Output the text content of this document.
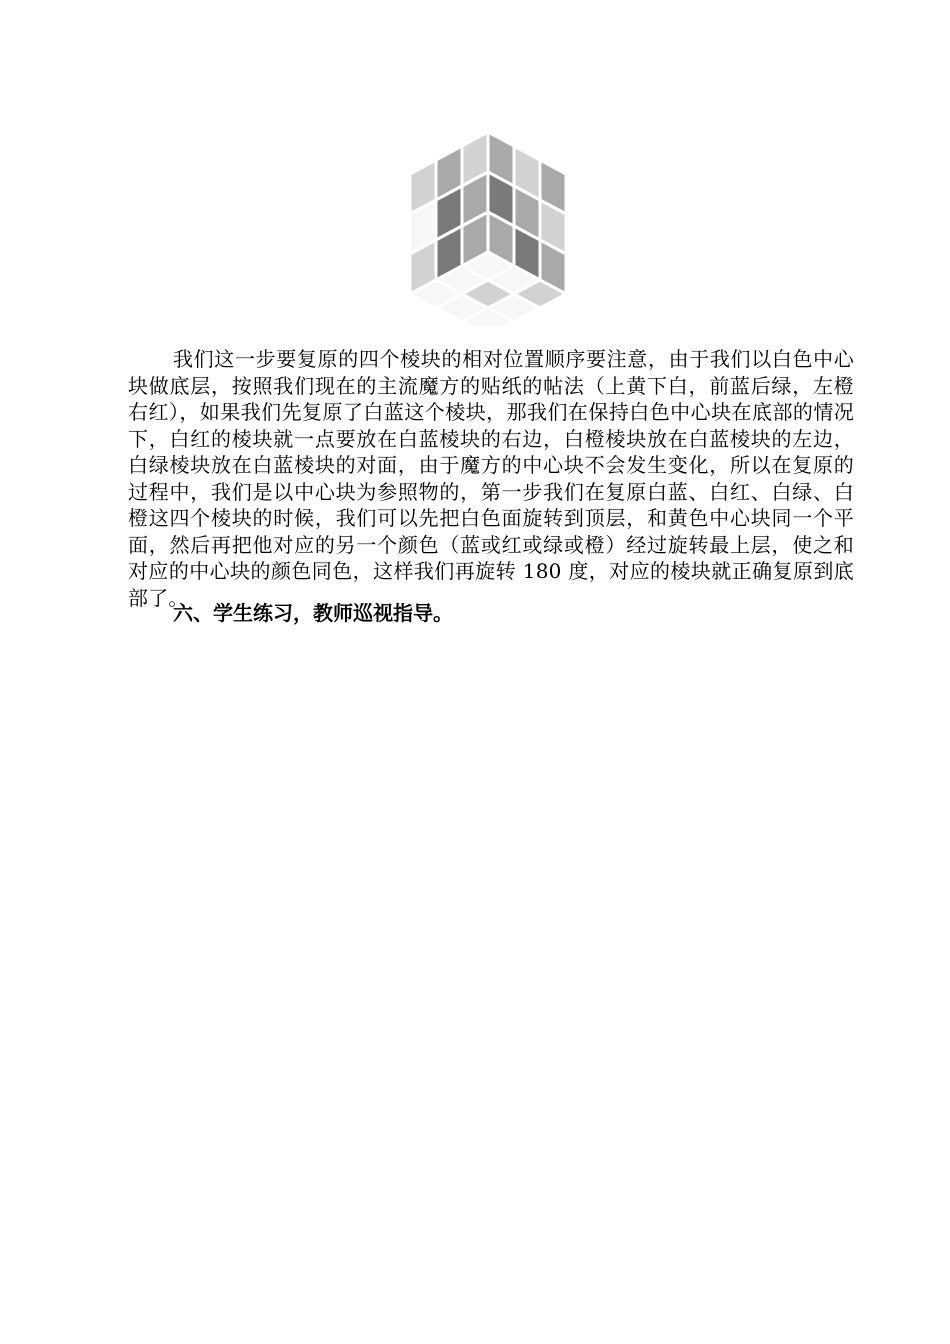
我们这一步要复原的四个棱块的相对位置顺序要注意，由于我们以白色中心块做底层，按照我们现在的主流魔方的贴纸的帖法（上黄下白，前蓝后绿，左橙右红），如果我们先复原了白蓝这个棱块，那我们在保持白色中心块在底部的情况下，白红的棱块就一点要放在白蓝棱块的右边，白橙棱块放在白蓝棱块的左边，白绿棱块放在白蓝棱块的对面，由于魔方的中心块不会发生变化，所以在复原的过程中，我们是以中心块为参照物的，第一步我们在复原白蓝、白红、白绿、白橙这四个棱块的时候，我们可以先把白色面旋转到顶层，和黄色中心块同一个平面，然后再把他对应的另一个颜色（蓝或红或绿或橙）经过旋转最上层，使之和对应的中心块的颜色同色，这样我们再旋转 180 度，对应的棱块就正确复原到底部了。

六、学生练习，教师巡视指导。
